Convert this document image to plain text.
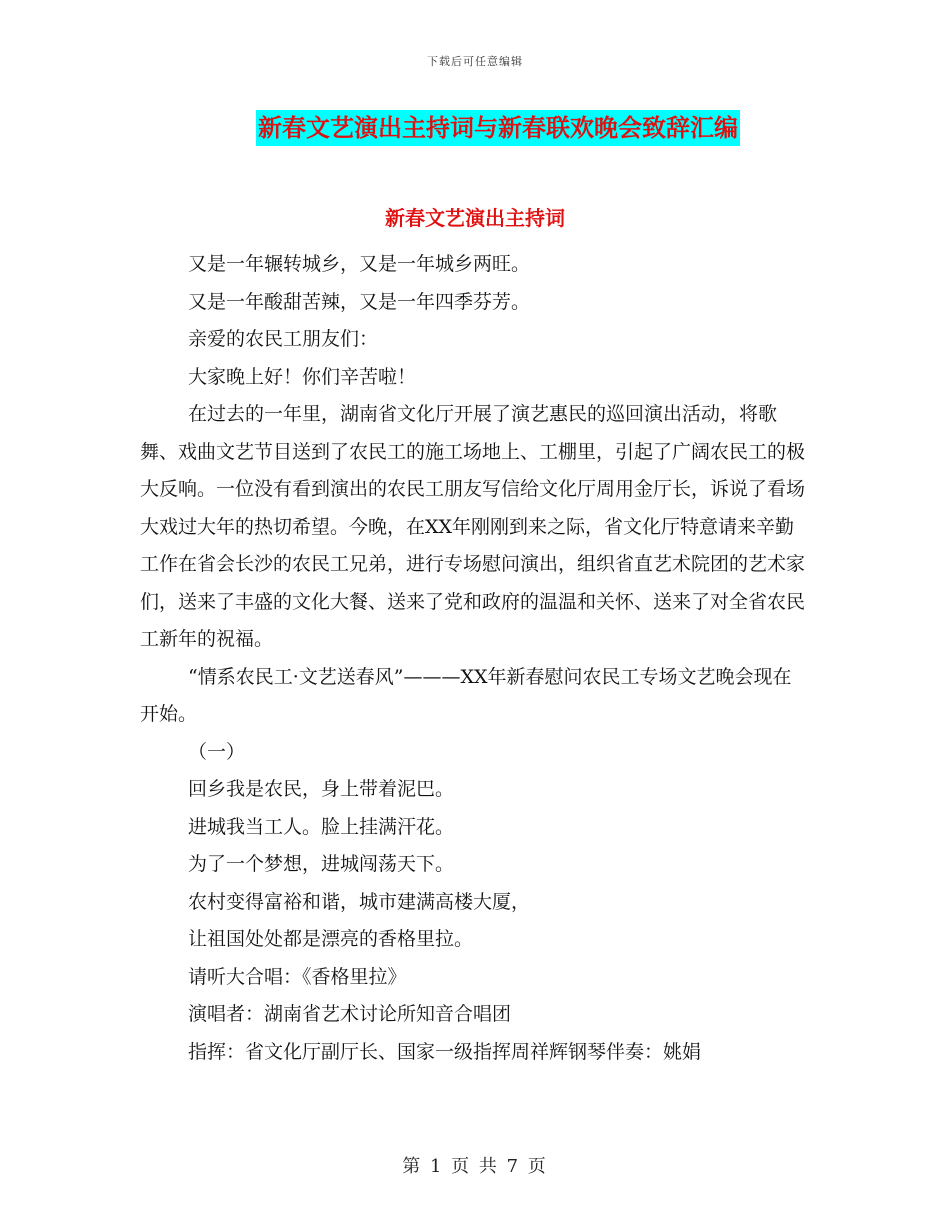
下载后可任意编辑
新春文艺演出主持词与新春联欢晚会致辞汇编
新春文艺演出主持词

又是一年辗转城乡，又是一年城乡两旺。

又是一年酸甜苦辣，又是一年四季芬芳。

亲爱的农民工朋友们：

大家晚上好！你们辛苦啦！

在过去的一年里，湖南省文化厅开展了演艺惠民的巡回演出活动，将歌舞、戏曲文艺节目送到了农民工的施工场地上、工棚里，引起了广阔农民工的极大反响。一位没有看到演出的农民工朋友写信给文化厅周用金厅长，诉说了看场大戏过大年的热切希望。今晚，在XX年刚刚到来之际，省文化厅特意请来辛勤工作在省会长沙的农民工兄弟，进行专场慰问演出，组织省直艺术院团的艺术家们，送来了丰盛的文化大餐、送来了党和政府的温温和关怀、送来了对全省农民工新年的祝福。

“情系农民工·文艺送春风”———XX年新春慰问农民工专场文艺晚会现在开始。

（一）

回乡我是农民，身上带着泥巴。

进城我当工人。脸上挂满汗花。

为了一个梦想，进城闯荡天下。

农村变得富裕和谐，城市建满高楼大厦，

让祖国处处都是漂亮的香格里拉。

请听大合唱：《香格里拉》

演唱者：湖南省艺术讨论所知音合唱团

指挥：省文化厅副厅长、国家一级指挥周祥辉钢琴伴奏：姚娟

第 1 页 共 7 页
